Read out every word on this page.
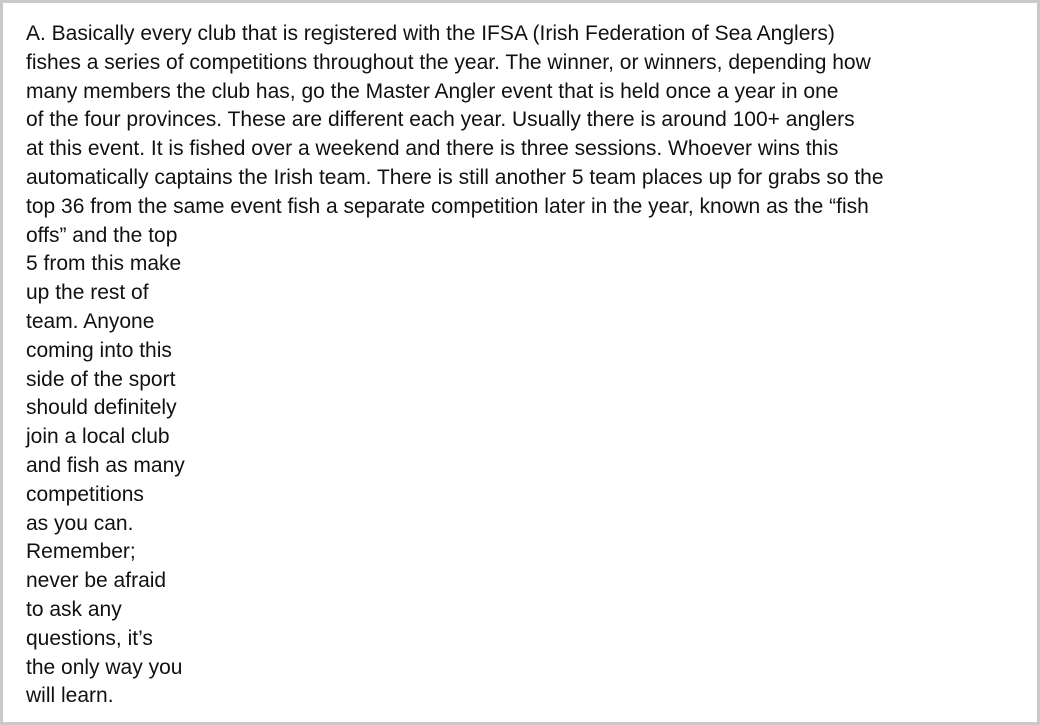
A. Basically every club that is registered with the IFSA (Irish Federation of Sea Anglers)
fishes a series of competitions throughout the year. The winner, or winners, depending how
many members the club has, go the Master Angler event that is held once a year in one
of the four provinces. These are different each year. Usually there is around 100+ anglers
at this event. It is fished over a weekend and there is three sessions. Whoever wins this
automatically captains the Irish team. There is still another 5 team places up for grabs so the
top 36 from the same event fish a separate competition later in the year, known as the “fish
offs” and the top
5 from this make
up the rest of
team. Anyone
coming into this
side of the sport
should definitely
join a local club
and fish as many
competitions
as you can.
Remember;
never be afraid
to ask any
questions, it’s
the only way you
will learn.
